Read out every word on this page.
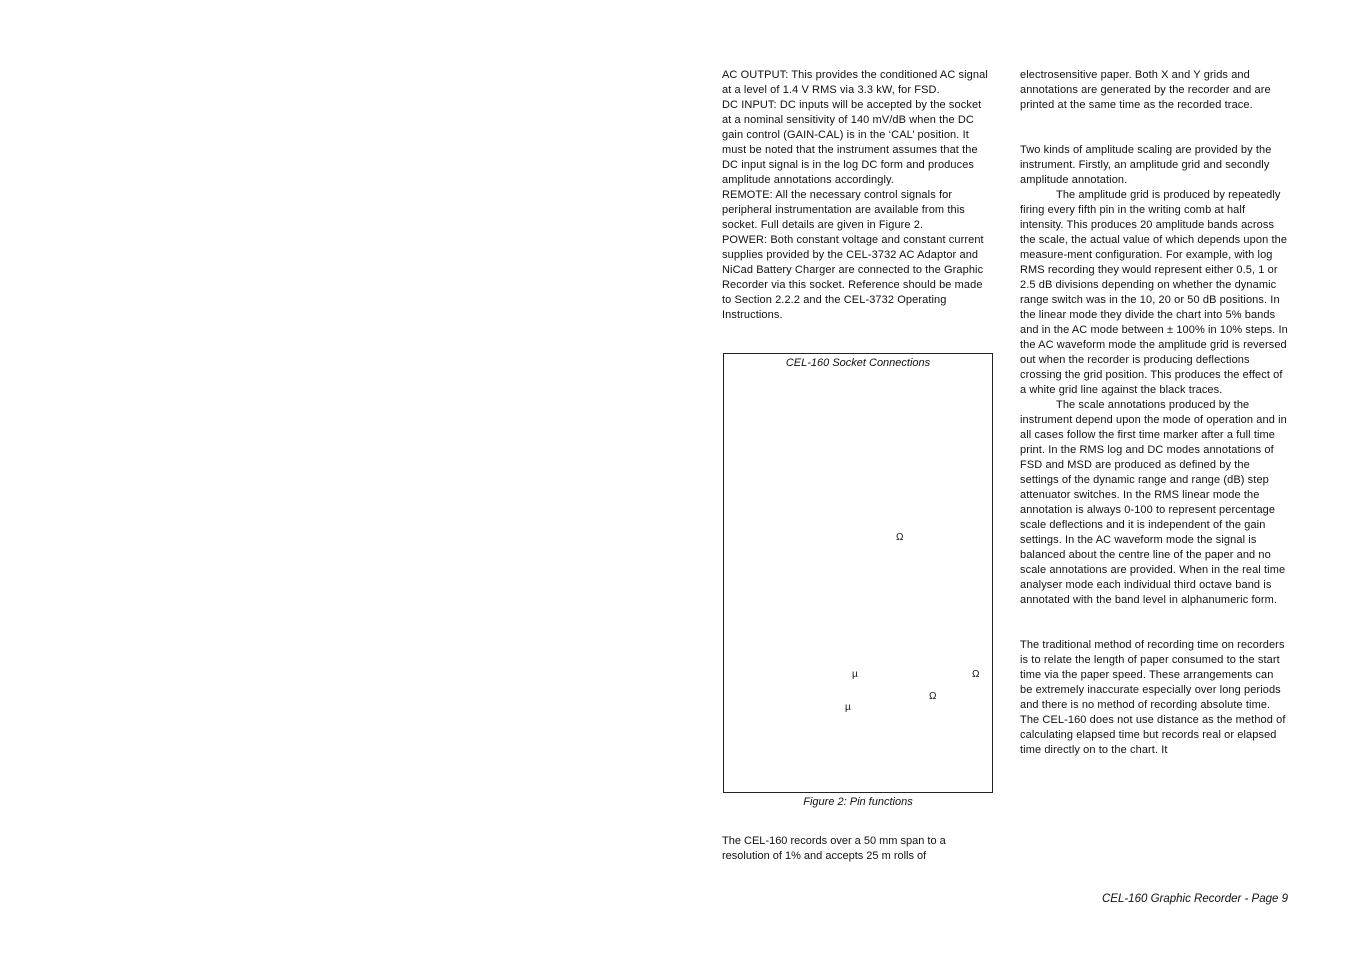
AC OUTPUT: This provides the conditioned AC signal at a level of 1.4 V RMS via 3.3 kW, for FSD.

DC INPUT: DC inputs will be accepted by the socket at a nominal sensitivity of 140 mV/dB when the DC gain control (GAIN-CAL) is in the ‘CAL’ position. It must be noted that the instrument assumes that the DC input signal is in the log DC form and produces amplitude annotations accordingly.

REMOTE: All the necessary control signals for peripheral instrumentation are available from this socket. Full details are given in Figure 2.

POWER: Both constant voltage and constant current supplies provided by the CEL-3732 AC Adaptor and NiCad Battery Charger are connected to the Graphic Recorder via this socket. Reference should be made to Section 2.2.2 and the CEL-3732 Operating Instructions.

CEL-160 Socket Connections
Ω
µ	Ω
Ω
µ
Figure 2: Pin functions
The CEL-160 records over a 50 mm span to a resolution of 1% and accepts 25 m rolls of

electrosensitive paper. Both X and Y grids and annotations are generated by the recorder and are printed at the same time as the recorded trace.

Two kinds of amplitude scaling are provided by the instrument. Firstly, an amplitude grid and secondly amplitude annotation.

The amplitude grid is produced by repeatedly firing every fifth pin in the writing comb at half intensity. This produces 20 amplitude bands across the scale, the actual value of which depends upon the measure-ment configuration. For example, with log RMS recording they would represent either 0.5, 1 or 2.5 dB divisions depending on whether the dynamic range switch was in the 10, 20 or 50 dB positions. In the linear mode they divide the chart into 5% bands and in the AC mode between ± 100% in 10% steps. In the AC waveform mode the amplitude grid is reversed out when the recorder is producing deflections crossing the grid position. This produces the effect of a white grid line against the black traces.

The scale annotations produced by the instrument depend upon the mode of operation and in all cases follow the first time marker after a full time print. In the RMS log and DC modes annotations of FSD and MSD are produced as defined by the settings of the dynamic range and range (dB) step attenuator switches. In the RMS linear mode the annotation is always 0-100 to represent percentage scale deflections and it is independent of the gain settings. In the AC waveform mode the signal is balanced about the centre line of the paper and no scale annotations are provided. When in the real time analyser mode each individual third octave band is annotated with the band level in alphanumeric form.

The traditional method of recording time on recorders is to relate the length of paper consumed to the start time via the paper speed. These arrangements can be extremely inaccurate especially over long periods and there is no method of recording absolute time. The CEL-160 does not use distance as the method of calculating elapsed time but records real or elapsed time directly on to the chart. It

CEL-160 Graphic Recorder - Page 9
